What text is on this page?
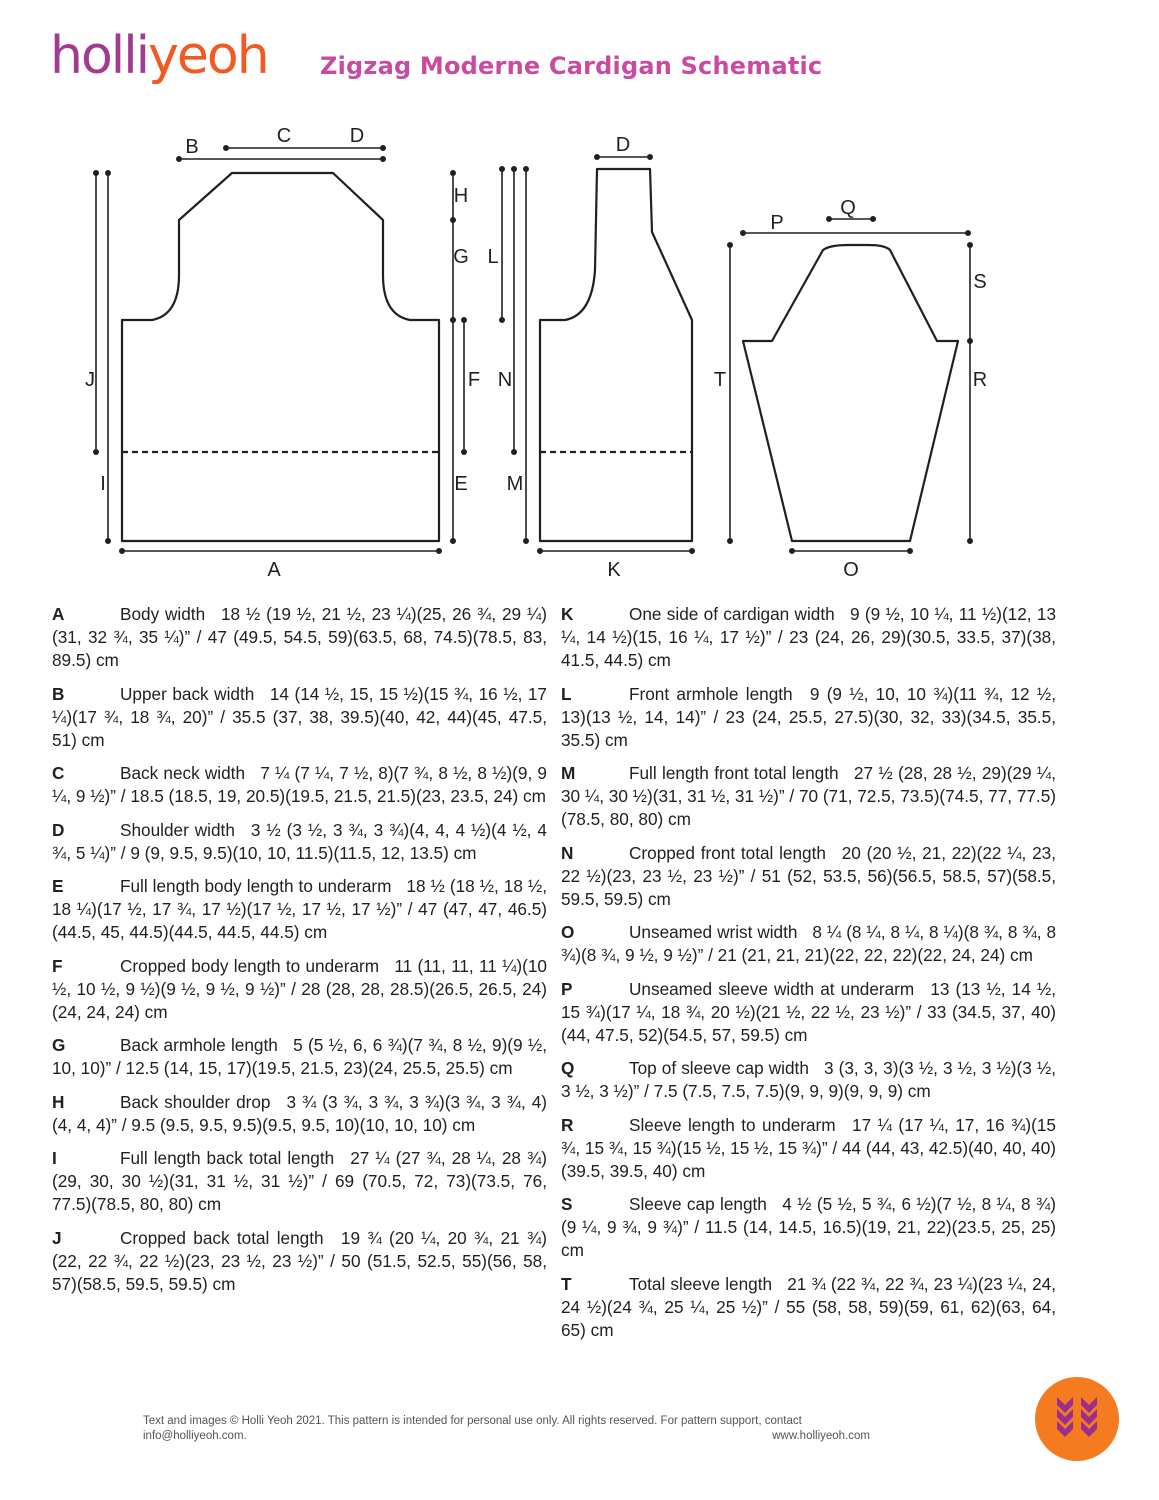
holliyeoh Zigzag Moderne Cardigan Schematic
B	C	D
H
G L
J	F N
I	E M
A
D
K
Q
P
S
T	R
O
A	Body width 18 ½ (19 ½, 21 ½, 23 ¼)(25, 26 ¾, 29 ¼)(31, 32 ¾, 35 ¼)” / 47 (49.5, 54.5, 59)(63.5, 68, 74.5)(78.5, 83, 89.5) cm
B	Upper back width 14 (14 ½, 15, 15 ½)(15 ¾, 16 ½, 17 ¼)(17 ¾, 18 ¾, 20)” / 35.5 (37, 38, 39.5)(40, 42, 44)(45, 47.5, 51) cm
C	Back neck width 7 ¼ (7 ¼, 7 ½, 8)(7 ¾, 8 ½, 8 ½)(9, 9 ¼, 9 ½)” / 18.5 (18.5, 19, 20.5)(19.5, 21.5, 21.5)(23, 23.5, 24) cm
D	Shoulder width 3 ½ (3 ½, 3 ¾, 3 ¾)(4, 4, 4 ½)(4 ½, 4 ¾, 5 ¼)” / 9 (9, 9.5, 9.5)(10, 10, 11.5)(11.5, 12, 13.5) cm
E	Full length body length to underarm 18 ½ (18 ½, 18 ½, 18 ¼)(17 ½, 17 ¾, 17 ½)(17 ½, 17 ½, 17 ½)” / 47 (47, 47, 46.5)(44.5, 45, 44.5)(44.5, 44.5, 44.5) cm
F	Cropped body length to underarm 11 (11, 11, 11 ¼)(10 ½, 10 ½, 9 ½)(9 ½, 9 ½, 9 ½)” / 28 (28, 28, 28.5)(26.5, 26.5, 24)(24, 24, 24) cm
G	Back armhole length 5 (5 ½, 6, 6 ¾)(7 ¾, 8 ½, 9)(9 ½, 10, 10)” / 12.5 (14, 15, 17)(19.5, 21.5, 23)(24, 25.5, 25.5) cm
H	Back shoulder drop 3 ¾ (3 ¾, 3 ¾, 3 ¾)(3 ¾, 3 ¾, 4)(4, 4, 4)” / 9.5 (9.5, 9.5, 9.5)(9.5, 9.5, 10)(10, 10, 10) cm
I	Full length back total length 27 ¼ (27 ¾, 28 ¼, 28 ¾)(29, 30, 30 ½)(31, 31 ½, 31 ½)” / 69 (70.5, 72, 73)(73.5, 76, 77.5)(78.5, 80, 80) cm
J	Cropped back total length 19 ¾ (20 ¼, 20 ¾, 21 ¾)(22, 22 ¾, 22 ½)(23, 23 ½, 23 ½)” / 50 (51.5, 52.5, 55)(56, 58, 57)(58.5, 59.5, 59.5) cm
K	One side of cardigan width 9 (9 ½, 10 ¼, 11 ½)(12, 13 ¼, 14 ½)(15, 16 ¼, 17 ½)” / 23 (24, 26, 29)(30.5, 33.5, 37)(38, 41.5, 44.5) cm
L	Front armhole length 9 (9 ½, 10, 10 ¾)(11 ¾, 12 ½, 13)(13 ½, 14, 14)” / 23 (24, 25.5, 27.5)(30, 32, 33)(34.5, 35.5, 35.5) cm
M	Full length front total length 27 ½ (28, 28 ½, 29)(29 ¼, 30 ¼, 30 ½)(31, 31 ½, 31 ½)” / 70 (71, 72.5, 73.5)(74.5, 77, 77.5)(78.5, 80, 80) cm
N	Cropped front total length 20 (20 ½, 21, 22)(22 ¼, 23, 22 ½)(23, 23 ½, 23 ½)” / 51 (52, 53.5, 56)(56.5, 58.5, 57)(58.5, 59.5, 59.5) cm
O	Unseamed wrist width 8 ¼ (8 ¼, 8 ¼, 8 ¼)(8 ¾, 8 ¾, 8 ¾)(8 ¾, 9 ½, 9 ½)” / 21 (21, 21, 21)(22, 22, 22)(22, 24, 24) cm
P	Unseamed sleeve width at underarm 13 (13 ½, 14 ½, 15 ¾)(17 ¼, 18 ¾, 20 ½)(21 ½, 22 ½, 23 ½)” / 33 (34.5, 37, 40)(44, 47.5, 52)(54.5, 57, 59.5) cm
Q	Top of sleeve cap width 3 (3, 3, 3)(3 ½, 3 ½, 3 ½)(3 ½, 3 ½, 3 ½)” / 7.5 (7.5, 7.5, 7.5)(9, 9, 9)(9, 9, 9) cm
R	Sleeve length to underarm 17 ¼ (17 ¼, 17, 16 ¾)(15 ¾, 15 ¾, 15 ¾)(15 ½, 15 ½, 15 ¾)” / 44 (44, 43, 42.5)(40, 40, 40)(39.5, 39.5, 40) cm
S	Sleeve cap length 4 ½ (5 ½, 5 ¾, 6 ½)(7 ½, 8 ¼, 8 ¾)(9 ¼, 9 ¾, 9 ¾)” / 11.5 (14, 14.5, 16.5)(19, 21, 22)(23.5, 25, 25) cm
T	Total sleeve length 21 ¾ (22 ¾, 22 ¾, 23 ¼)(23 ¼, 24, 24 ½)(24 ¾, 25 ¼, 25 ½)” / 55 (58, 58, 59)(59, 61, 62)(63, 64, 65) cm
Text and images © Holli Yeoh 2021. This pattern is intended for personal use only. All rights reserved. For pattern support, contact
info@holliyeoh.com.	www.holliyeoh.com
